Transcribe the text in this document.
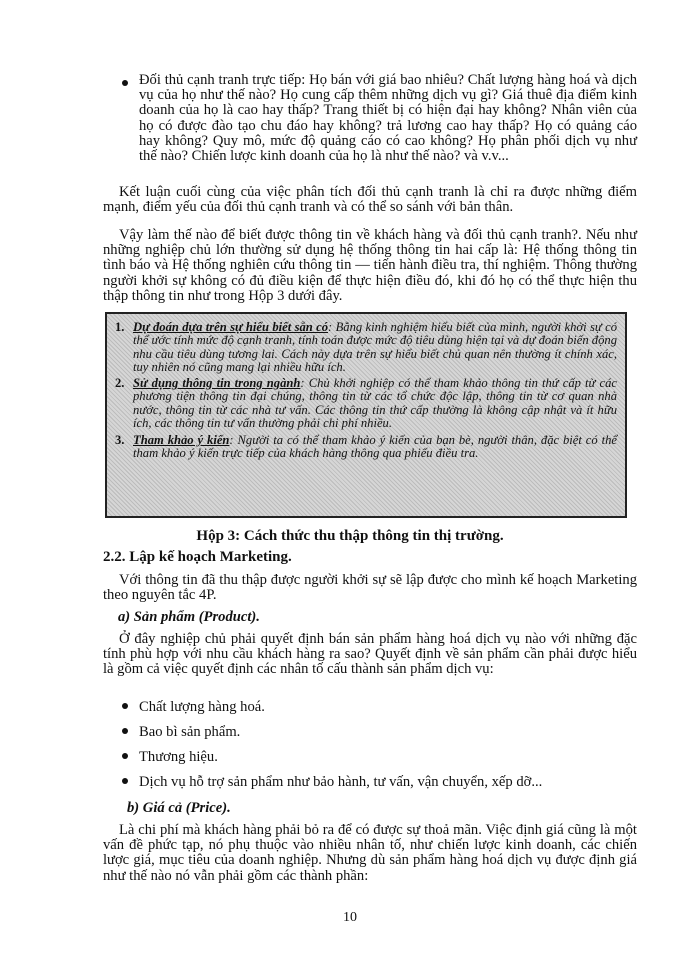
Đối thủ cạnh tranh trực tiếp: Họ bán với giá bao nhiêu? Chất lượng hàng hoá và dịch vụ của họ như thế nào? Họ cung cấp thêm những dịch vụ gì? Giá thuê địa điểm kinh doanh của họ là cao hay thấp? Trang thiết bị có hiện đại hay không? Nhân viên của họ có được đào tạo chu đáo hay không? trả lương cao hay thấp? Họ có quảng cáo hay không? Quy mô, mức độ quảng cáo có cao không? Họ phân phối dịch vụ như thế nào? Chiến lược kinh doanh của họ là như thế nào? và v.v...

Kết luận cuối cùng của việc phân tích đối thủ cạnh tranh là chỉ ra được những điểm mạnh, điểm yếu của đối thủ cạnh tranh và có thể so sánh với bản thân.

Vậy làm thế nào để biết được thông tin về khách hàng và đối thủ cạnh tranh?. Nếu như những nghiệp chủ lớn thường sử dụng hệ thống thông tin hai cấp là: Hệ thống thông tin tình báo và Hệ thống nghiên cứu thông tin — tiến hành điều tra, thí nghiệm. Thông thường người khởi sự không có đủ điều kiện để thực hiện điều đó, khi đó họ có thể thực hiện thu thập thông tin như trong Hộp 3 dưới đây.

1. Dự đoán dựa trên sự hiểu biết sẵn có: Bằng kinh nghiệm hiểu biết của mình, người khởi sự có thể ước tính mức độ cạnh tranh, tính toán được mức độ tiêu dùng hiện tại và dự đoán biến động nhu cầu tiêu dùng tương lai. Cách này dựa trên sự hiểu biết chủ quan nên thường ít chính xác, tuy nhiên nó cũng mang lại nhiều hữu ích.
2. Sử dụng thông tin trong ngành: Chủ khởi nghiệp có thể tham khảo thông tin thứ cấp từ các phương tiện thông tin đại chúng, thông tin từ các tổ chức độc lập, thông tin từ cơ quan nhà nước, thông tin từ các nhà tư vấn. Các thông tin thứ cấp thường là không cập nhật và ít hữu ích, các thông tin tư vấn thường phải chi phí nhiều.
3. Tham khảo ý kiến: Người ta có thể tham khảo ý kiến của bạn bè, người thân, đặc biệt có thể tham khảo ý kiến trực tiếp của khách hàng thông qua phiếu điều tra.
Hộp 3: Cách thức thu thập thông tin thị trường.
2.2. Lập kế hoạch Marketing.

Với thông tin đã thu thập được người khởi sự sẽ lập được cho mình kế hoạch Marketing theo nguyên tắc 4P.

a) Sản phẩm (Product).

Ở đây nghiệp chủ phải quyết định bán sản phẩm hàng hoá dịch vụ nào với những đặc tính phù hợp với nhu cầu khách hàng ra sao? Quyết định về sản phẩm cần phải được hiểu là gồm cả việc quyết định các nhân tố cấu thành sản phẩm dịch vụ:

Chất lượng hàng hoá.
Bao bì sản phẩm.
Thương hiệu.
Dịch vụ hỗ trợ sản phẩm như bảo hành, tư vấn, vận chuyển, xếp dỡ...
b) Giá cả (Price).

Là chi phí mà khách hàng phải bỏ ra để có được sự thoả mãn. Việc định giá cũng là một vấn đề phức tạp, nó phụ thuộc vào nhiều nhân tố, như chiến lược kinh doanh, các chiến lược giá, mục tiêu của doanh nghiệp. Nhưng dù sản phẩm hàng hoá dịch vụ được định giá như thế nào nó vẫn phải gồm các thành phần:

10
